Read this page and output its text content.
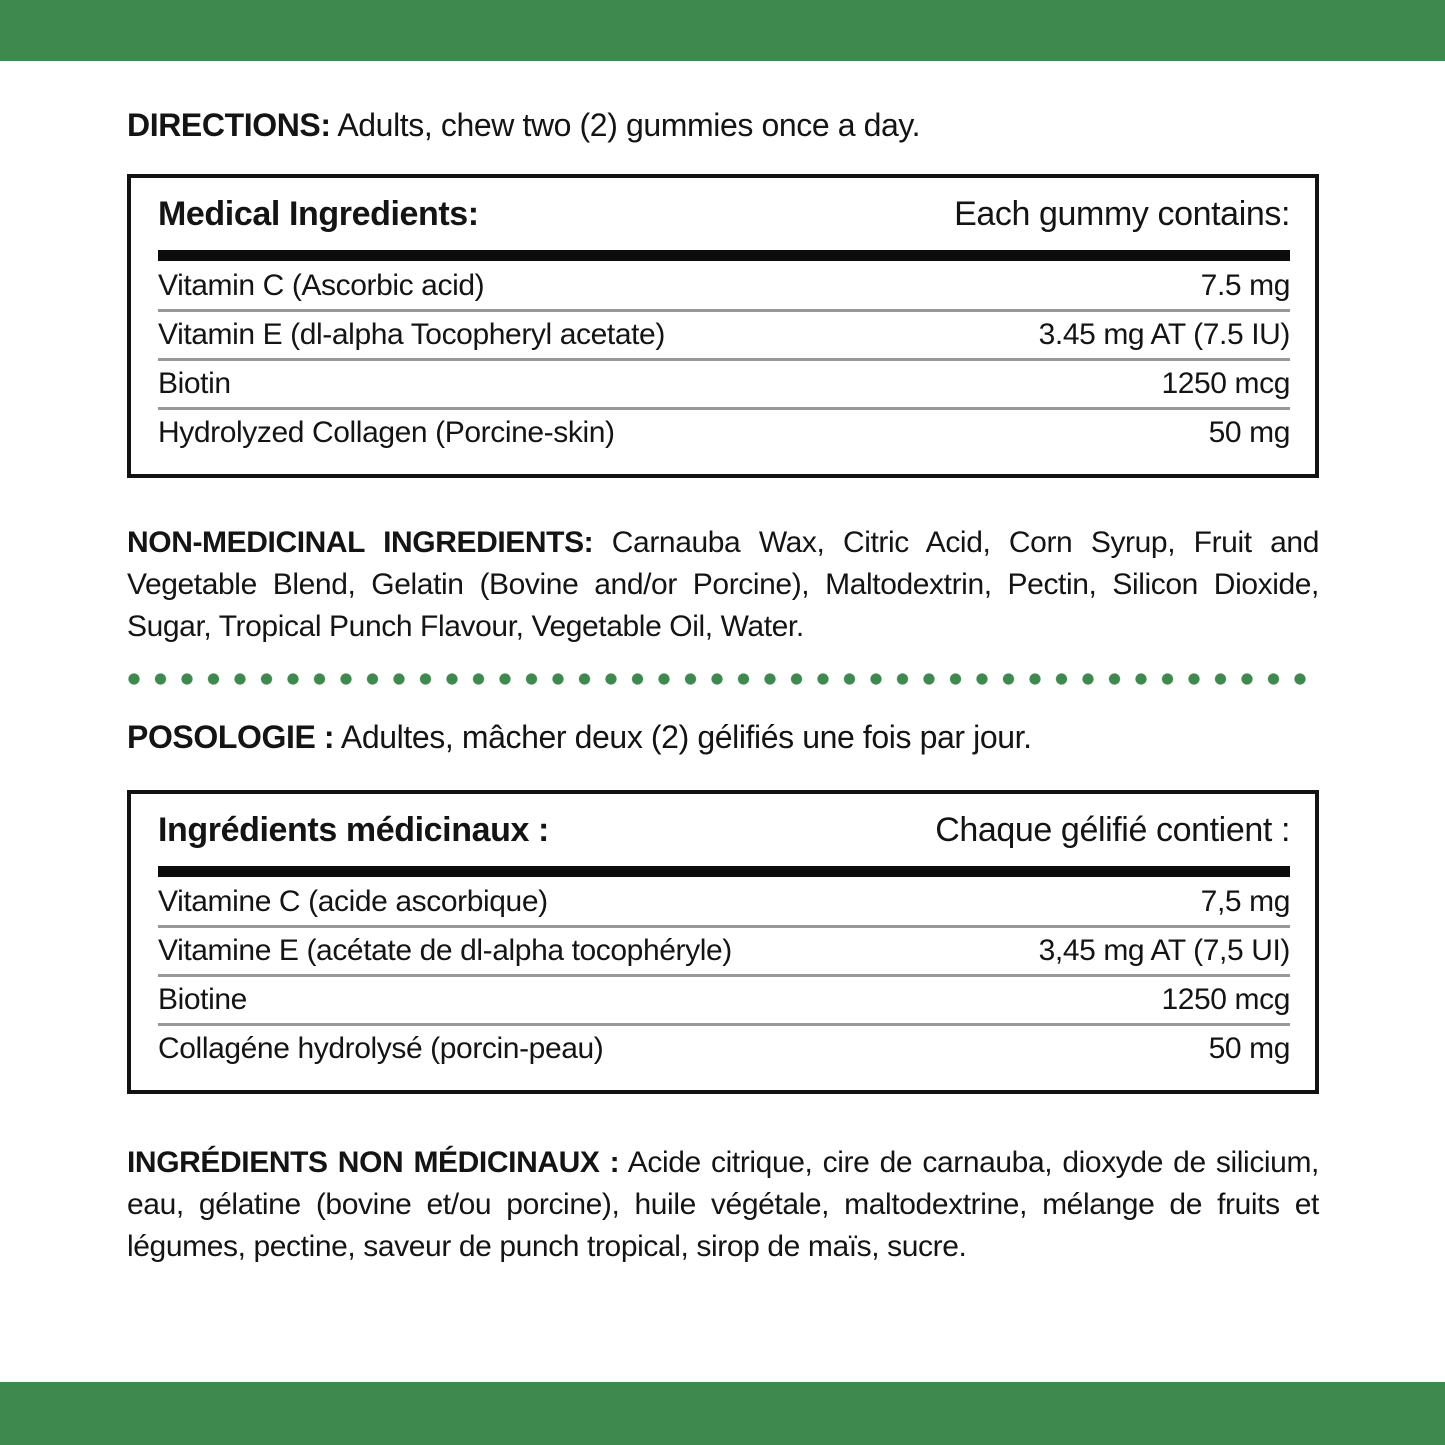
DIRECTIONS: Adults, chew two (2) gummies once a day.

Medical Ingredients:	Each gummy contains:
Vitamin C (Ascorbic acid)	7.5 mg
Vitamin E (dl-alpha Tocopheryl acetate)	3.45 mg AT (7.5 IU)
Biotin	1250 mcg
Hydrolyzed Collagen (Porcine-skin)	50 mg

NON-MEDICINAL INGREDIENTS: Carnauba Wax, Citric Acid, Corn Syrup, Fruit and Vegetable Blend, Gelatin (Bovine and/or Porcine), Maltodextrin, Pectin, Silicon Dioxide, Sugar, Tropical Punch Flavour, Vegetable Oil, Water.

POSOLOGIE : Adultes, mâcher deux (2) gélifiés une fois par jour.

Ingrédients médicinaux :	Chaque gélifié contient :
Vitamine C (acide ascorbique)	7,5 mg
Vitamine E (acétate de dl-alpha tocophéryle)	3,45 mg AT (7,5 UI)
Biotine	1250 mcg
Collagéne hydrolysé (porcin-peau)	50 mg

INGRÉDIENTS NON MÉDICINAUX : Acide citrique, cire de carnauba, dioxyde de silicium, eau, gélatine (bovine et/ou porcine), huile végétale, maltodextrine, mélange de fruits et légumes, pectine, saveur de punch tropical, sirop de maïs, sucre.
